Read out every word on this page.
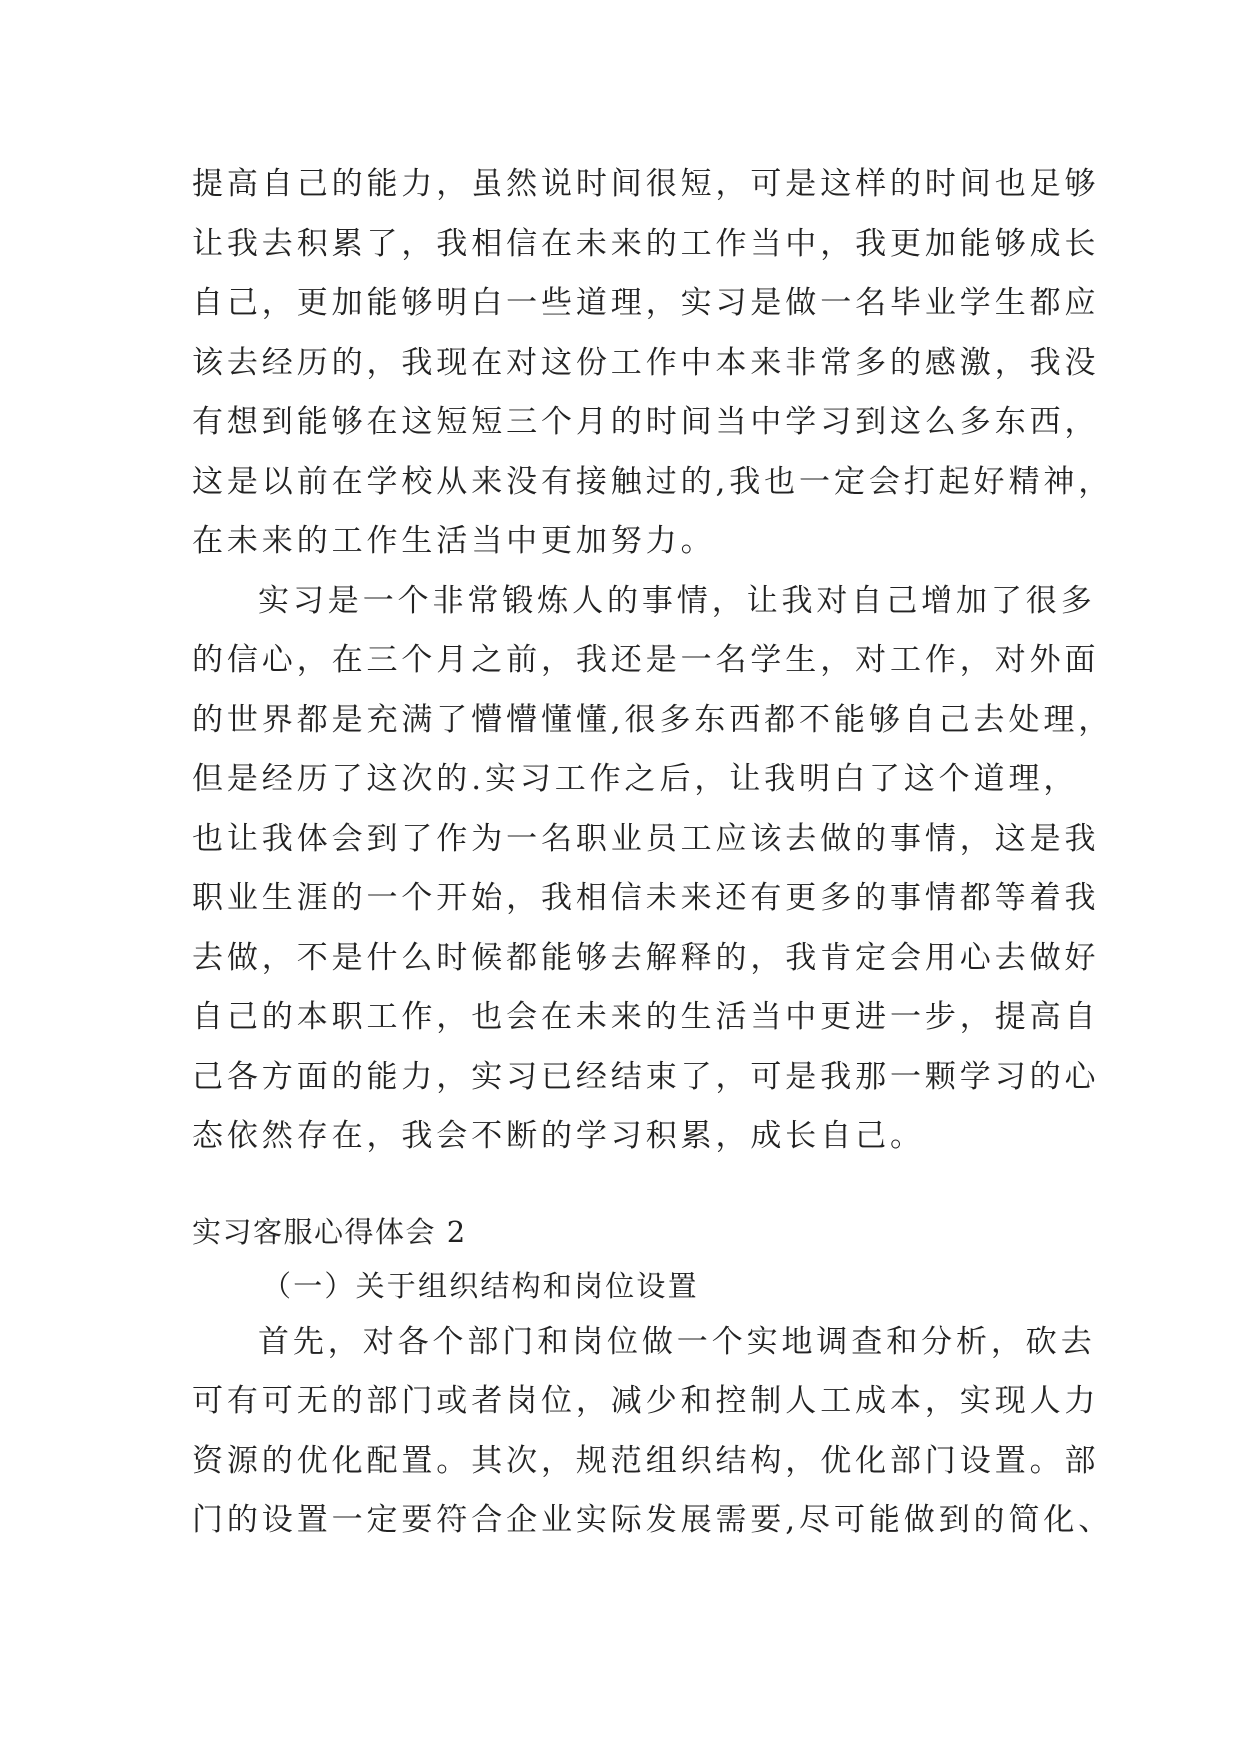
提高自己的能力，虽然说时间很短，可是这样的时间也足够
让我去积累了，我相信在未来的工作当中，我更加能够成长
自己，更加能够明白一些道理，实习是做一名毕业学生都应
该去经历的，我现在对这份工作中本来非常多的感激，我没
有想到能够在这短短三个月的时间当中学习到这么多东西，
这是以前在学校从来没有接触过的,我也一定会打起好精神，
在未来的工作生活当中更加努力。
实习是一个非常锻炼人的事情，让我对自己增加了很多
的信心，在三个月之前，我还是一名学生，对工作，对外面
的世界都是充满了懵懵懂懂,很多东西都不能够自己去处理，
但是经历了这次的.实习工作之后，让我明白了这个道理，
也让我体会到了作为一名职业员工应该去做的事情，这是我
职业生涯的一个开始，我相信未来还有更多的事情都等着我
去做，不是什么时候都能够去解释的，我肯定会用心去做好
自己的本职工作，也会在未来的生活当中更进一步，提高自
己各方面的能力，实习已经结束了，可是我那一颗学习的心
态依然存在，我会不断的学习积累，成长自己。
实习客服心得体会 2
（一）关于组织结构和岗位设置
首先，对各个部门和岗位做一个实地调查和分析，砍去
可有可无的部门或者岗位，减少和控制人工成本，实现人力
资源的优化配置。其次，规范组织结构，优化部门设置。部
门的设置一定要符合企业实际发展需要,尽可能做到的简化、
